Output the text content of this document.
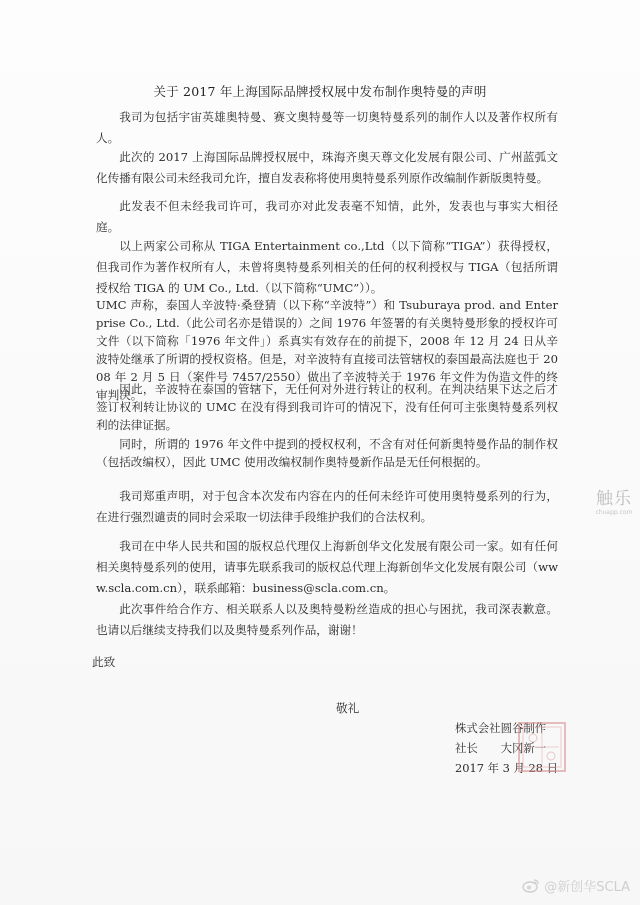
关于 2017 年上海国际品牌授权展中发布制作奥特曼的声明
我司为包括宇宙英雄奥特曼、赛文奥特曼等一切奥特曼系列的制作人以及著作权所有人。
此次的 2017 上海国际品牌授权展中，珠海齐奥天尊文化发展有限公司、广州蓝弧文化传播有限公司未经我司允许，擅自发表称将使用奥特曼系列原作改编制作新版奥特曼。
此发表不但未经我司许可，我司亦对此发表毫不知情，此外，发表也与事实大相径庭。
以上两家公司称从 TIGA Entertainment co.,Ltd（以下简称“TIGA”）获得授权，但我司作为著作权所有人，未曾将奥特曼系列相关的任何的权利授权与 TIGA（包括所谓授权给 TIGA 的 UM Co., Ltd.（以下简称“UMC”））。
UMC 声称，泰国人辛波特·桑登猜（以下称“辛波特”）和 Tsuburaya prod. and Enterprise Co., Ltd.（此公司名亦是错误的）之间 1976 年签署的有关奥特曼形象的授权许可文件（以下简称「1976 年文件」）系真实有效存在的前提下，2008 年 12 月 24 日从辛波特处继承了所谓的授权资格。但是，对辛波特有直接司法管辖权的泰国最高法庭也于 2008 年 2 月 5 日（案件号 7457/2550）做出了辛波特关于 1976 年文件为伪造文件的终审判决。
因此，辛波特在泰国的管辖下，无任何对外进行转让的权利。在判决结果下达之后才签订权利转让协议的 UMC 在没有得到我司许可的情况下，没有任何可主张奥特曼系列权利的法律证据。
同时，所谓的 1976 年文件中提到的授权权利，不含有对任何新奥特曼作品的制作权（包括改编权），因此 UMC 使用改编权制作奥特曼新作品是无任何根据的。
我司郑重声明，对于包含本次发布内容在内的任何未经许可使用奥特曼系列的行为，在进行强烈谴责的同时会采取一切法律手段维护我们的合法权利。
我司在中华人民共和国的版权总代理仅上海新创华文化发展有限公司一家。如有任何相关奥特曼系列的使用，请事先联系我司的版权总代理上海新创华文化发展有限公司（www.scla.com.cn），联系邮箱：business@scla.com.cn。
此次事件给合作方、相关联系人以及奥特曼粉丝造成的担心与困扰，我司深表歉意。也请以后继续支持我们以及奥特曼系列作品，谢谢！
此致
敬礼
株式会社圆谷制作
社长　　大冈新一
2017 年 3 月 28 日
触乐
chuapp.com
@新创华SCLA
